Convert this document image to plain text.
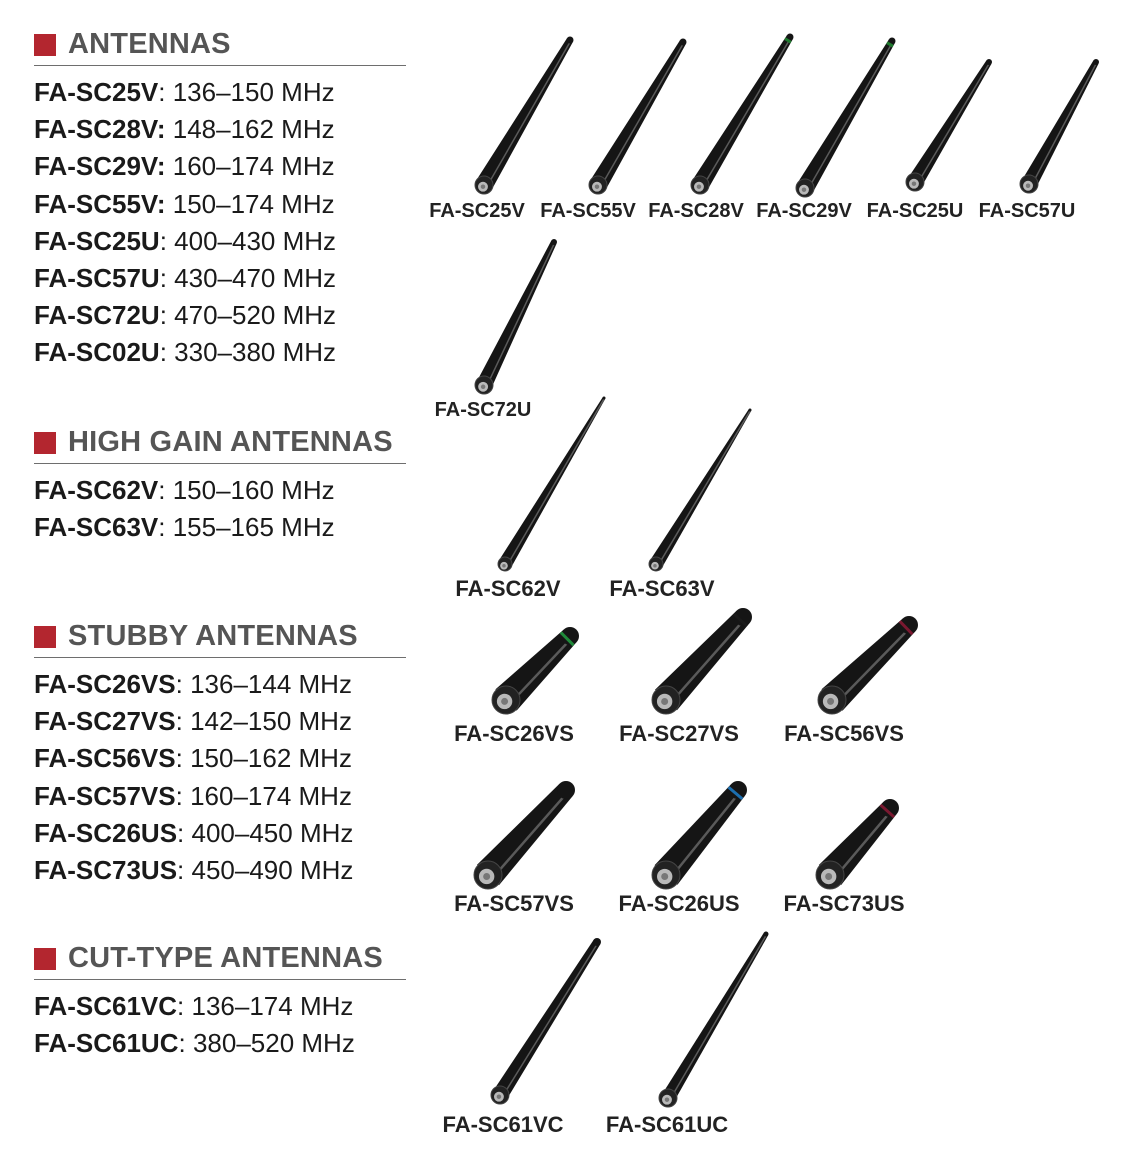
ANTENNAS
FA-SC25V: 136–150 MHz
FA-SC28V: 148–162 MHz
FA-SC29V: 160–174 MHz
FA-SC55V: 150–174 MHz
FA-SC25U: 400–430 MHz
FA-SC57U: 430–470 MHz
FA-SC72U: 470–520 MHz
FA-SC02U: 330–380 MHz
HIGH GAIN ANTENNAS
FA-SC62V: 150–160 MHz
FA-SC63V: 155–165 MHz
STUBBY ANTENNAS
FA-SC26VS: 136–144 MHz
FA-SC27VS: 142–150 MHz
FA-SC56VS: 150–162 MHz
FA-SC57VS: 160–174 MHz
FA-SC26US: 400–450 MHz
FA-SC73US: 450–490 MHz
CUT-TYPE ANTENNAS
FA-SC61VC: 136–174 MHz
FA-SC61UC: 380–520 MHz
FA-SC25V FA-SC55V FA-SC28V FA-SC29V FA-SC25U FA-SC57U
FA-SC72U
FA-SC62V FA-SC63V
FA-SC26VS FA-SC27VS FA-SC56VS
FA-SC57VS FA-SC26US FA-SC73US
FA-SC61VC FA-SC61UC
